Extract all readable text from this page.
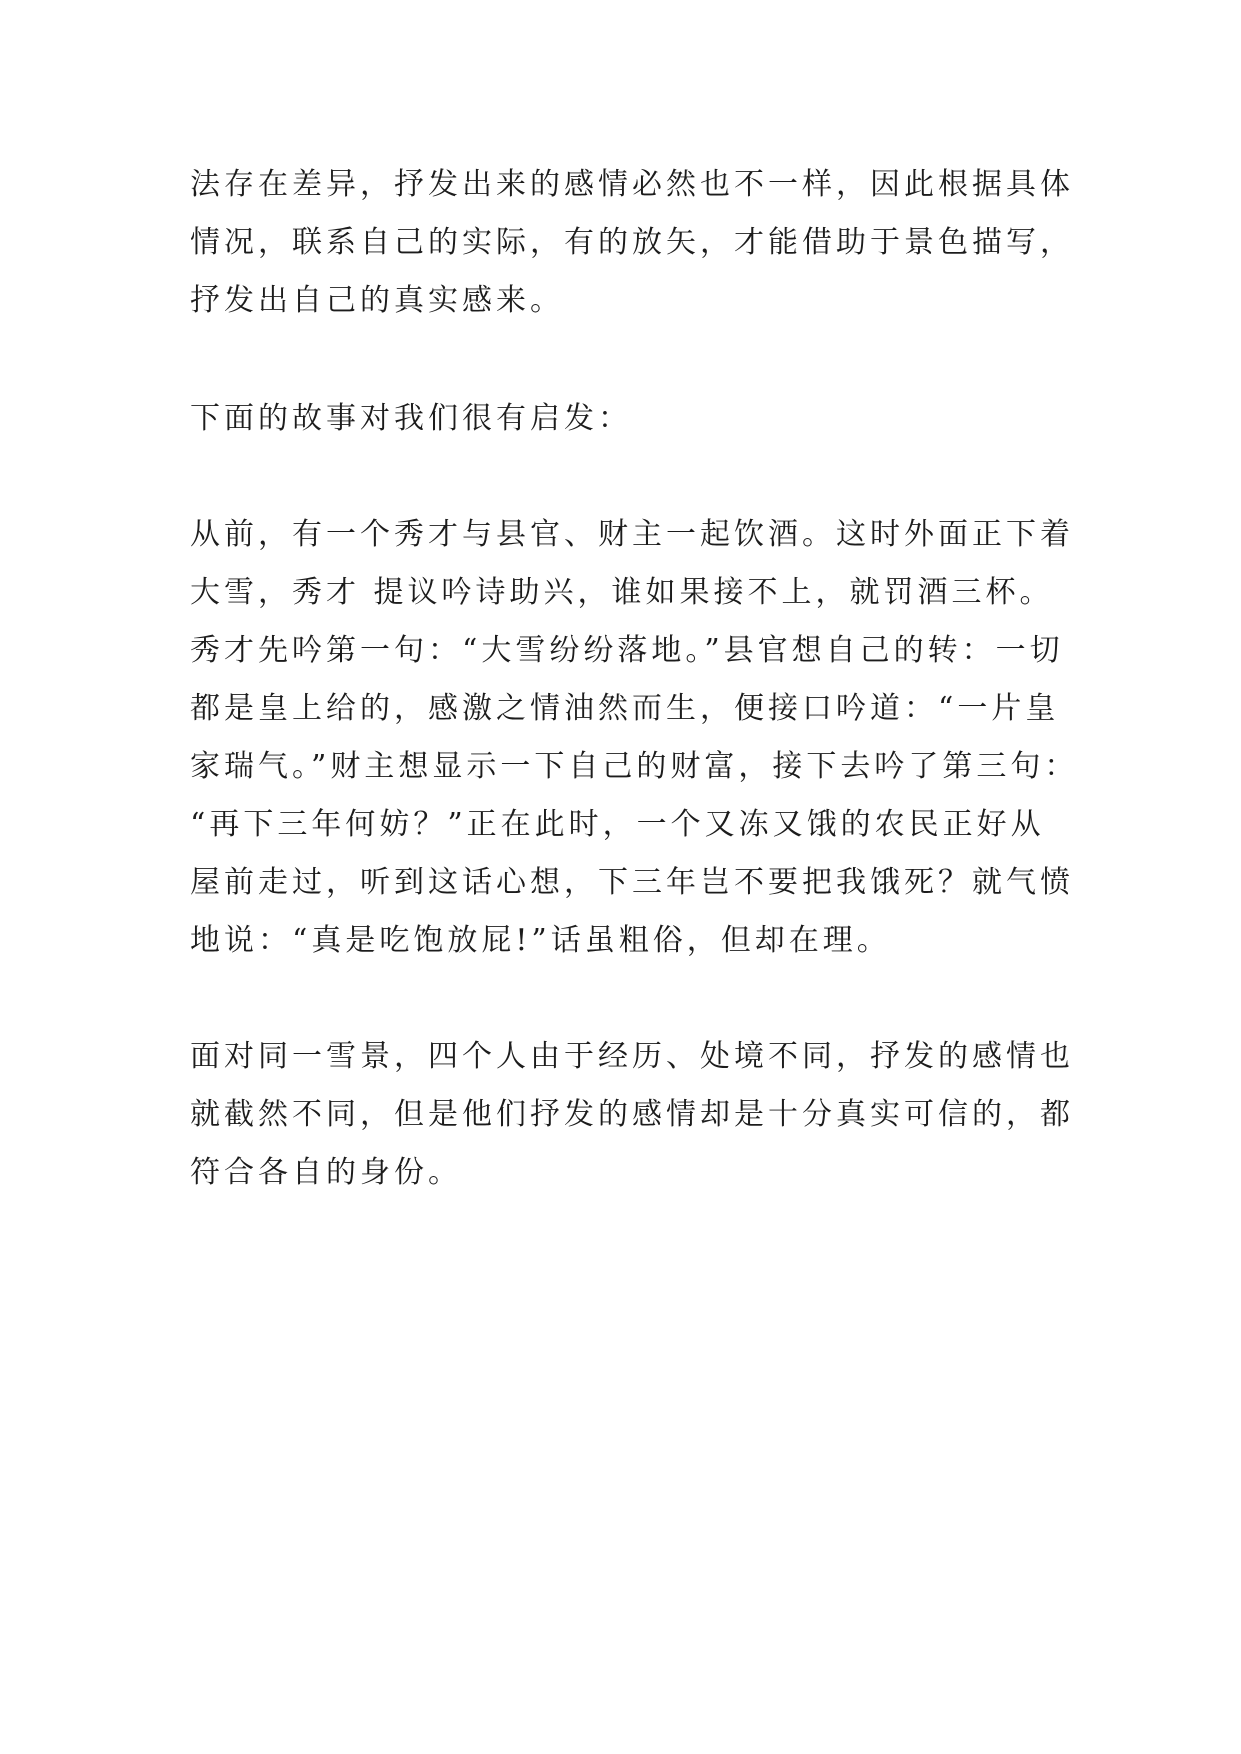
法存在差异，抒发出来的感情必然也不一样，因此根据具体
情况，联系自己的实际，有的放矢，才能借助于景色描写，
抒发出自己的真实感来。
下面的故事对我们很有启发：
从前，有一个秀才与县官、财主一起饮酒。这时外面正下着
大雪，秀才 提议吟诗助兴，谁如果接不上，就罚酒三杯。
秀才先吟第一句：“大雪纷纷落地。”县官想自己的转：一切
都是皇上给的，感激之情油然而生，便接口吟道：“一片皇
家瑞气。”财主想显示一下自己的财富，接下去吟了第三句：
“再下三年何妨？”正在此时，一个又冻又饿的农民正好从
屋前走过，听到这话心想，下三年岂不要把我饿死？就气愤
地说：“真是吃饱放屁!”话虽粗俗，但却在理。
面对同一雪景，四个人由于经历、处境不同，抒发的感情也
就截然不同，但是他们抒发的感情却是十分真实可信的，都
符合各自的身份。
